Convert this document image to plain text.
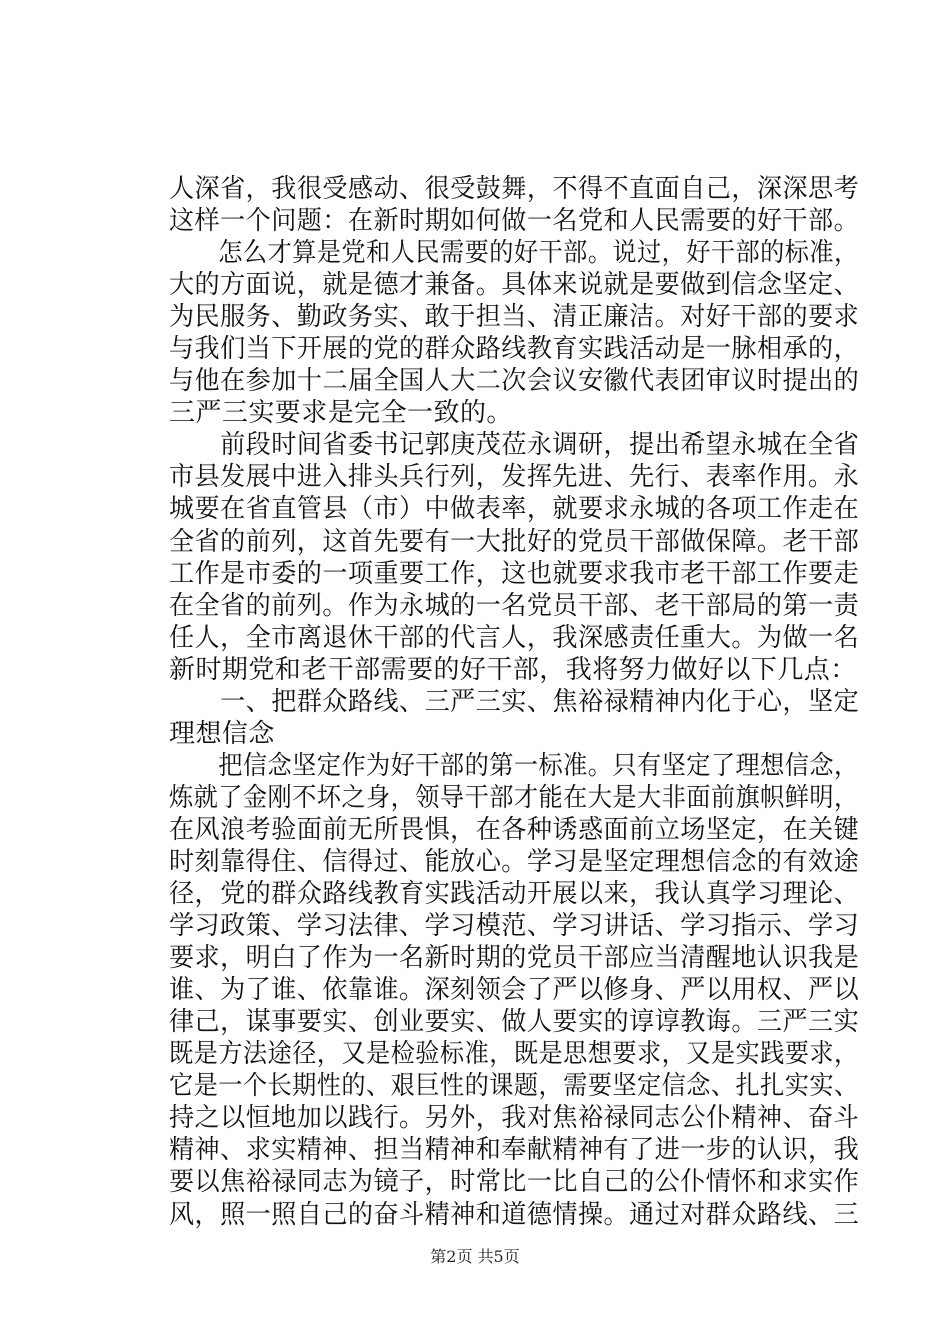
人深省，我很受感动、很受鼓舞，不得不直面自己，深深思考
这样一个问题：在新时期如何做一名党和人民需要的好干部。
　　怎么才算是党和人民需要的好干部。说过，好干部的标准，
大的方面说，就是德才兼备。具体来说就是要做到信念坚定、
为民服务、勤政务实、敢于担当、清正廉洁。对好干部的要求
与我们当下开展的党的群众路线教育实践活动是一脉相承的，
与他在参加十二届全国人大二次会议安徽代表团审议时提出的
三严三实要求是完全一致的。
　　前段时间省委书记郭庚茂莅永调研，提出希望永城在全省
市县发展中进入排头兵行列，发挥先进、先行、表率作用。永
城要在省直管县（市）中做表率，就要求永城的各项工作走在
全省的前列，这首先要有一大批好的党员干部做保障。老干部
工作是市委的一项重要工作，这也就要求我市老干部工作要走
在全省的前列。作为永城的一名党员干部、老干部局的第一责
任人，全市离退休干部的代言人，我深感责任重大。为做一名
新时期党和老干部需要的好干部，我将努力做好以下几点：
　　一、把群众路线、三严三实、焦裕禄精神内化于心，坚定
理想信念
　　把信念坚定作为好干部的第一标准。只有坚定了理想信念，
炼就了金刚不坏之身，领导干部才能在大是大非面前旗帜鲜明，
在风浪考验面前无所畏惧，在各种诱惑面前立场坚定，在关键
时刻靠得住、信得过、能放心。学习是坚定理想信念的有效途
径，党的群众路线教育实践活动开展以来，我认真学习理论、
学习政策、学习法律、学习模范、学习讲话、学习指示、学习
要求，明白了作为一名新时期的党员干部应当清醒地认识我是
谁、为了谁、依靠谁。深刻领会了严以修身、严以用权、严以
律己，谋事要实、创业要实、做人要实的谆谆教诲。三严三实
既是方法途径，又是检验标准，既是思想要求，又是实践要求，
它是一个长期性的、艰巨性的课题，需要坚定信念、扎扎实实、
持之以恒地加以践行。另外，我对焦裕禄同志公仆精神、奋斗
精神、求实精神、担当精神和奉献精神有了进一步的认识，我
要以焦裕禄同志为镜子，时常比一比自己的公仆情怀和求实作
风，照一照自己的奋斗精神和道德情操。通过对群众路线、三
第2页 共5页
